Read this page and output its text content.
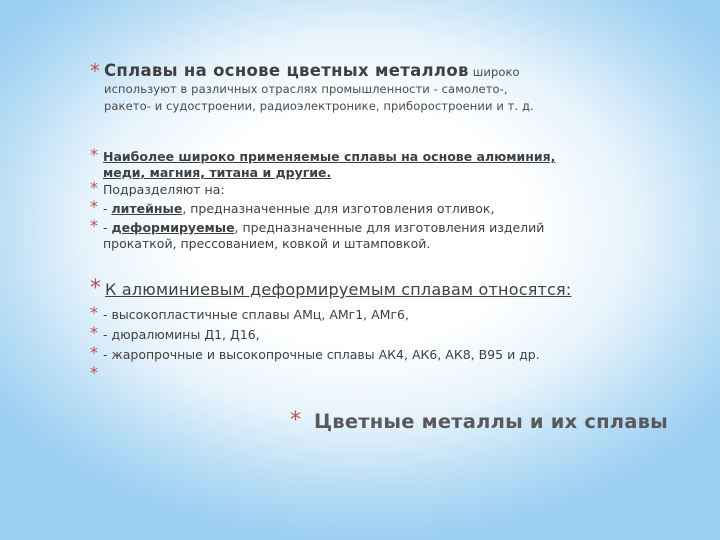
* Сплавы на основе цветных металлов широко
используют в различных отраслях промышленности - самолето-,
ракето- и судостроении, радиоэлектронике, приборостроении и т. д.
* Наиболее широко применяемые сплавы на основе алюминия,
меди, магния, титана и другие.
* Подразделяют на:
* - литейные, предназначенные для изготовления отливок,
* - деформируемые, предназначенные для изготовления изделий
прокаткой, прессованием, ковкой и штамповкой.
* К алюминиевым деформируемым сплавам относятся:
* - высокопластичные сплавы АМц, АМг1, АМг6,
* - дюралюмины Д1, Д16,
* - жаропрочные и высокопрочные сплавы АК4, АК6, АК8, В95 и др.
*
* Цветные металлы и их сплавы
